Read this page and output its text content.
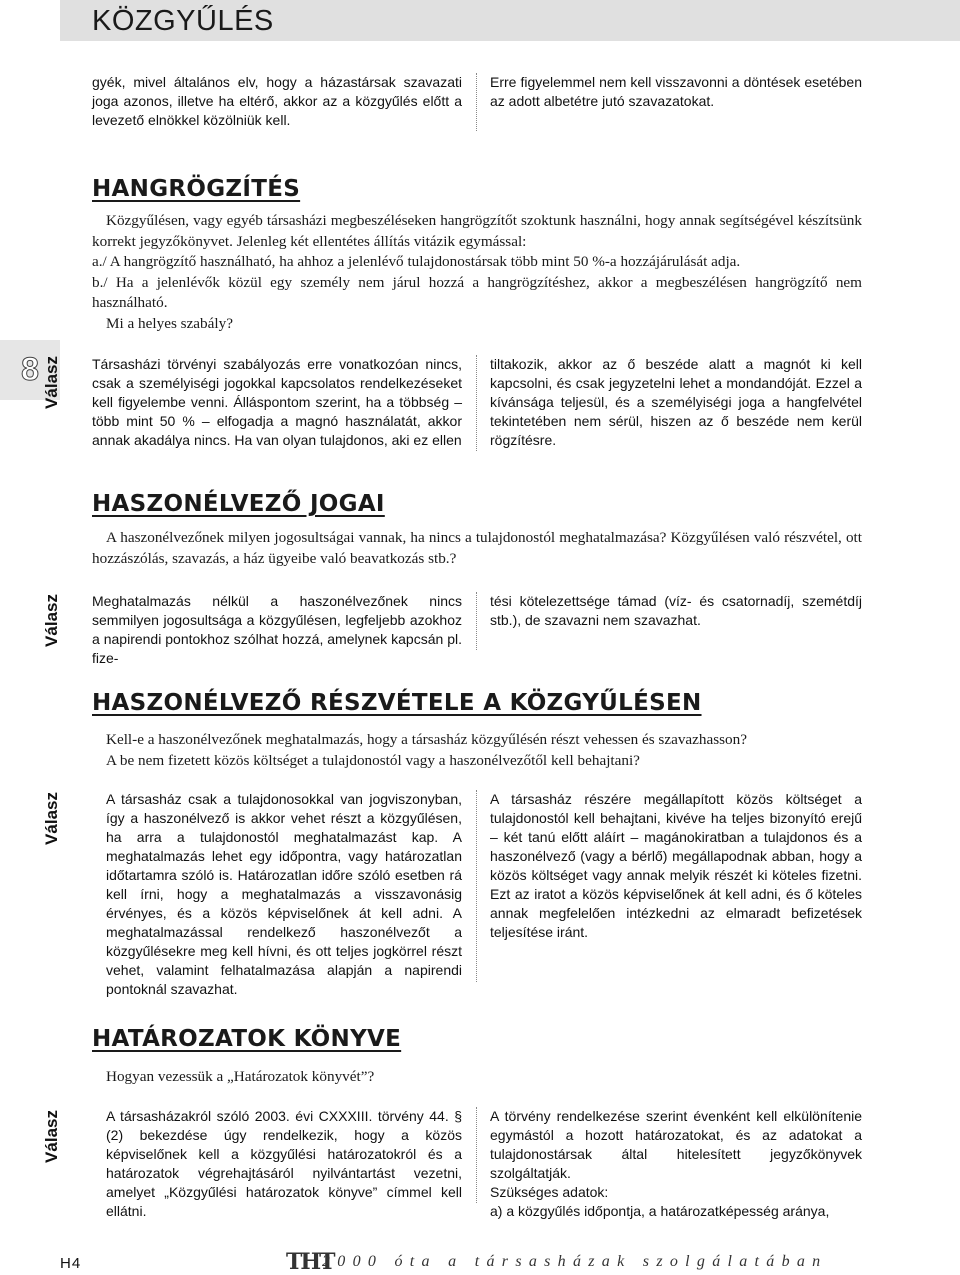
KÖZGYŰLÉS
8
gyék, mivel általános elv, hogy a házastársak szavazati joga azonos, illetve ha eltérő, akkor az a közgyűlés előtt a levezető elnökkel közölniük kell.
Erre figyelemmel nem kell visszavonni a döntések esetében az adott albetétre jutó szavazatokat.
HANGRÖGZÍTÉS
Közgyűlésen, vagy egyéb társasházi megbeszéléseken hangrögzítőt szoktunk használni, hogy annak segítségével készítsünk korrekt jegyzőkönyvet. Jelenleg két ellentétes állítás vitázik egymással:
a./ A hangrögzítő használható, ha ahhoz a jelenlévő tulajdonostársak több mint 50 %-a hozzájárulását adja.
b./ Ha a jelenlévők közül egy személy nem járul hozzá a hangrögzítéshez, akkor a megbeszélésen hangrögzítő nem használható.
Mi a helyes szabály?
Válasz	Társasházi törvényi szabályozás erre vonatkozóan nincs, csak a személyiségi jogokkal kapcsolatos rendelkezéseket kell figyelembe venni. Álláspontom szerint, ha a többség – több mint 50 % – elfogadja a magnó használatát, akkor annak akadálya nincs. Ha van olyan tulajdonos, aki ez ellen
tiltakozik, akkor az ő beszéde alatt a magnót ki kell kapcsolni, és csak jegyzetelni lehet a mondandóját. Ezzel a kívánsága teljesül, és a személyiségi joga a hangfelvétel tekintetében nem sérül, hiszen az ő beszéde nem kerül rögzítésre.
HASZONÉLVEZŐ JOGAI
A haszonélvezőnek milyen jogosultságai vannak, ha nincs a tulajdonostól meghatalmazása? Közgyűlésen való részvétel, ott hozzászólás, szavazás, a ház ügyeibe való beavatkozás stb.?
Válasz	Meghatalmazás nélkül a haszonélvezőnek nincs semmilyen jogosultsága a közgyűlésen, legfeljebb azokhoz a napirendi pontokhoz szólhat hozzá, amelynek kapcsán pl. fize-
tési kötelezettsége támad (víz- és csatornadíj, szemétdíj stb.), de szavazni nem szavazhat.
HASZONÉLVEZŐ RÉSZVÉTELE A KÖZGYŰLÉSEN
Kell-e a haszonélvezőnek meghatalmazás, hogy a társasház közgyűlésén részt vehessen és szavazhasson?
A be nem fizetett közös költséget a tulajdonostól vagy a haszonélvezőtől kell behajtani?
Válasz	A társasház csak a tulajdonosokkal van jogviszonyban, így a haszonélvező is akkor vehet részt a közgyűlésen, ha arra a tulajdonostól meghatalmazást kap. A meghatalmazás lehet egy időpontra, vagy határozatlan időtartamra szóló is. Határozatlan időre szóló esetben rá kell írni, hogy a meghatalmazás a visszavonásig érvényes, és a közös képviselőnek át kell adni. A meghatalmazással rendelkező haszonélvezőt a közgyűlésekre meg kell hívni, és ott teljes jogkörrel részt vehet, valamint felhatalmazása alapján a napirendi pontoknál szavazhat.
A társasház részére megállapított közös költséget a tulajdonostól kell behajtani, kivéve ha teljes bizonyító erejű – két tanú előtt aláírt – magánokiratban a tulajdonos és a haszonélvező (vagy a bérlő) megállapodnak abban, hogy a közös költséget vagy annak melyik részét ki köteles fizetni. Ezt az iratot a közös képviselőnek át kell adni, és ő köteles annak megfelelően intézkedni az elmaradt befizetések teljesítése iránt.
HATÁROZATOK KÖNYVE
Hogyan vezessük a „Határozatok könyvét”?
Válasz	A társasházakról szóló 2003. évi CXXXIII. törvény 44. § (2) bekezdése úgy rendelkezik, hogy a közös képviselőnek kell a közgyűlési határozatokról és a határozatok végrehajtásáról nyilvántartást vezetni, amelyet „Közgyűlési határozatok könyve” címmel kell ellátni.
A törvény rendelkezése szerint évenként kell elkülönítenie egymástól a hozott határozatokat, és az adatokat a tulajdonostársak által hitelesített jegyzőkönyvek szolgáltatják.
Szükséges adatok:
a) a közgyűlés időpontja, a határozatképesség aránya,
H4	THT
2000 óta a társasházak szolgálatában
